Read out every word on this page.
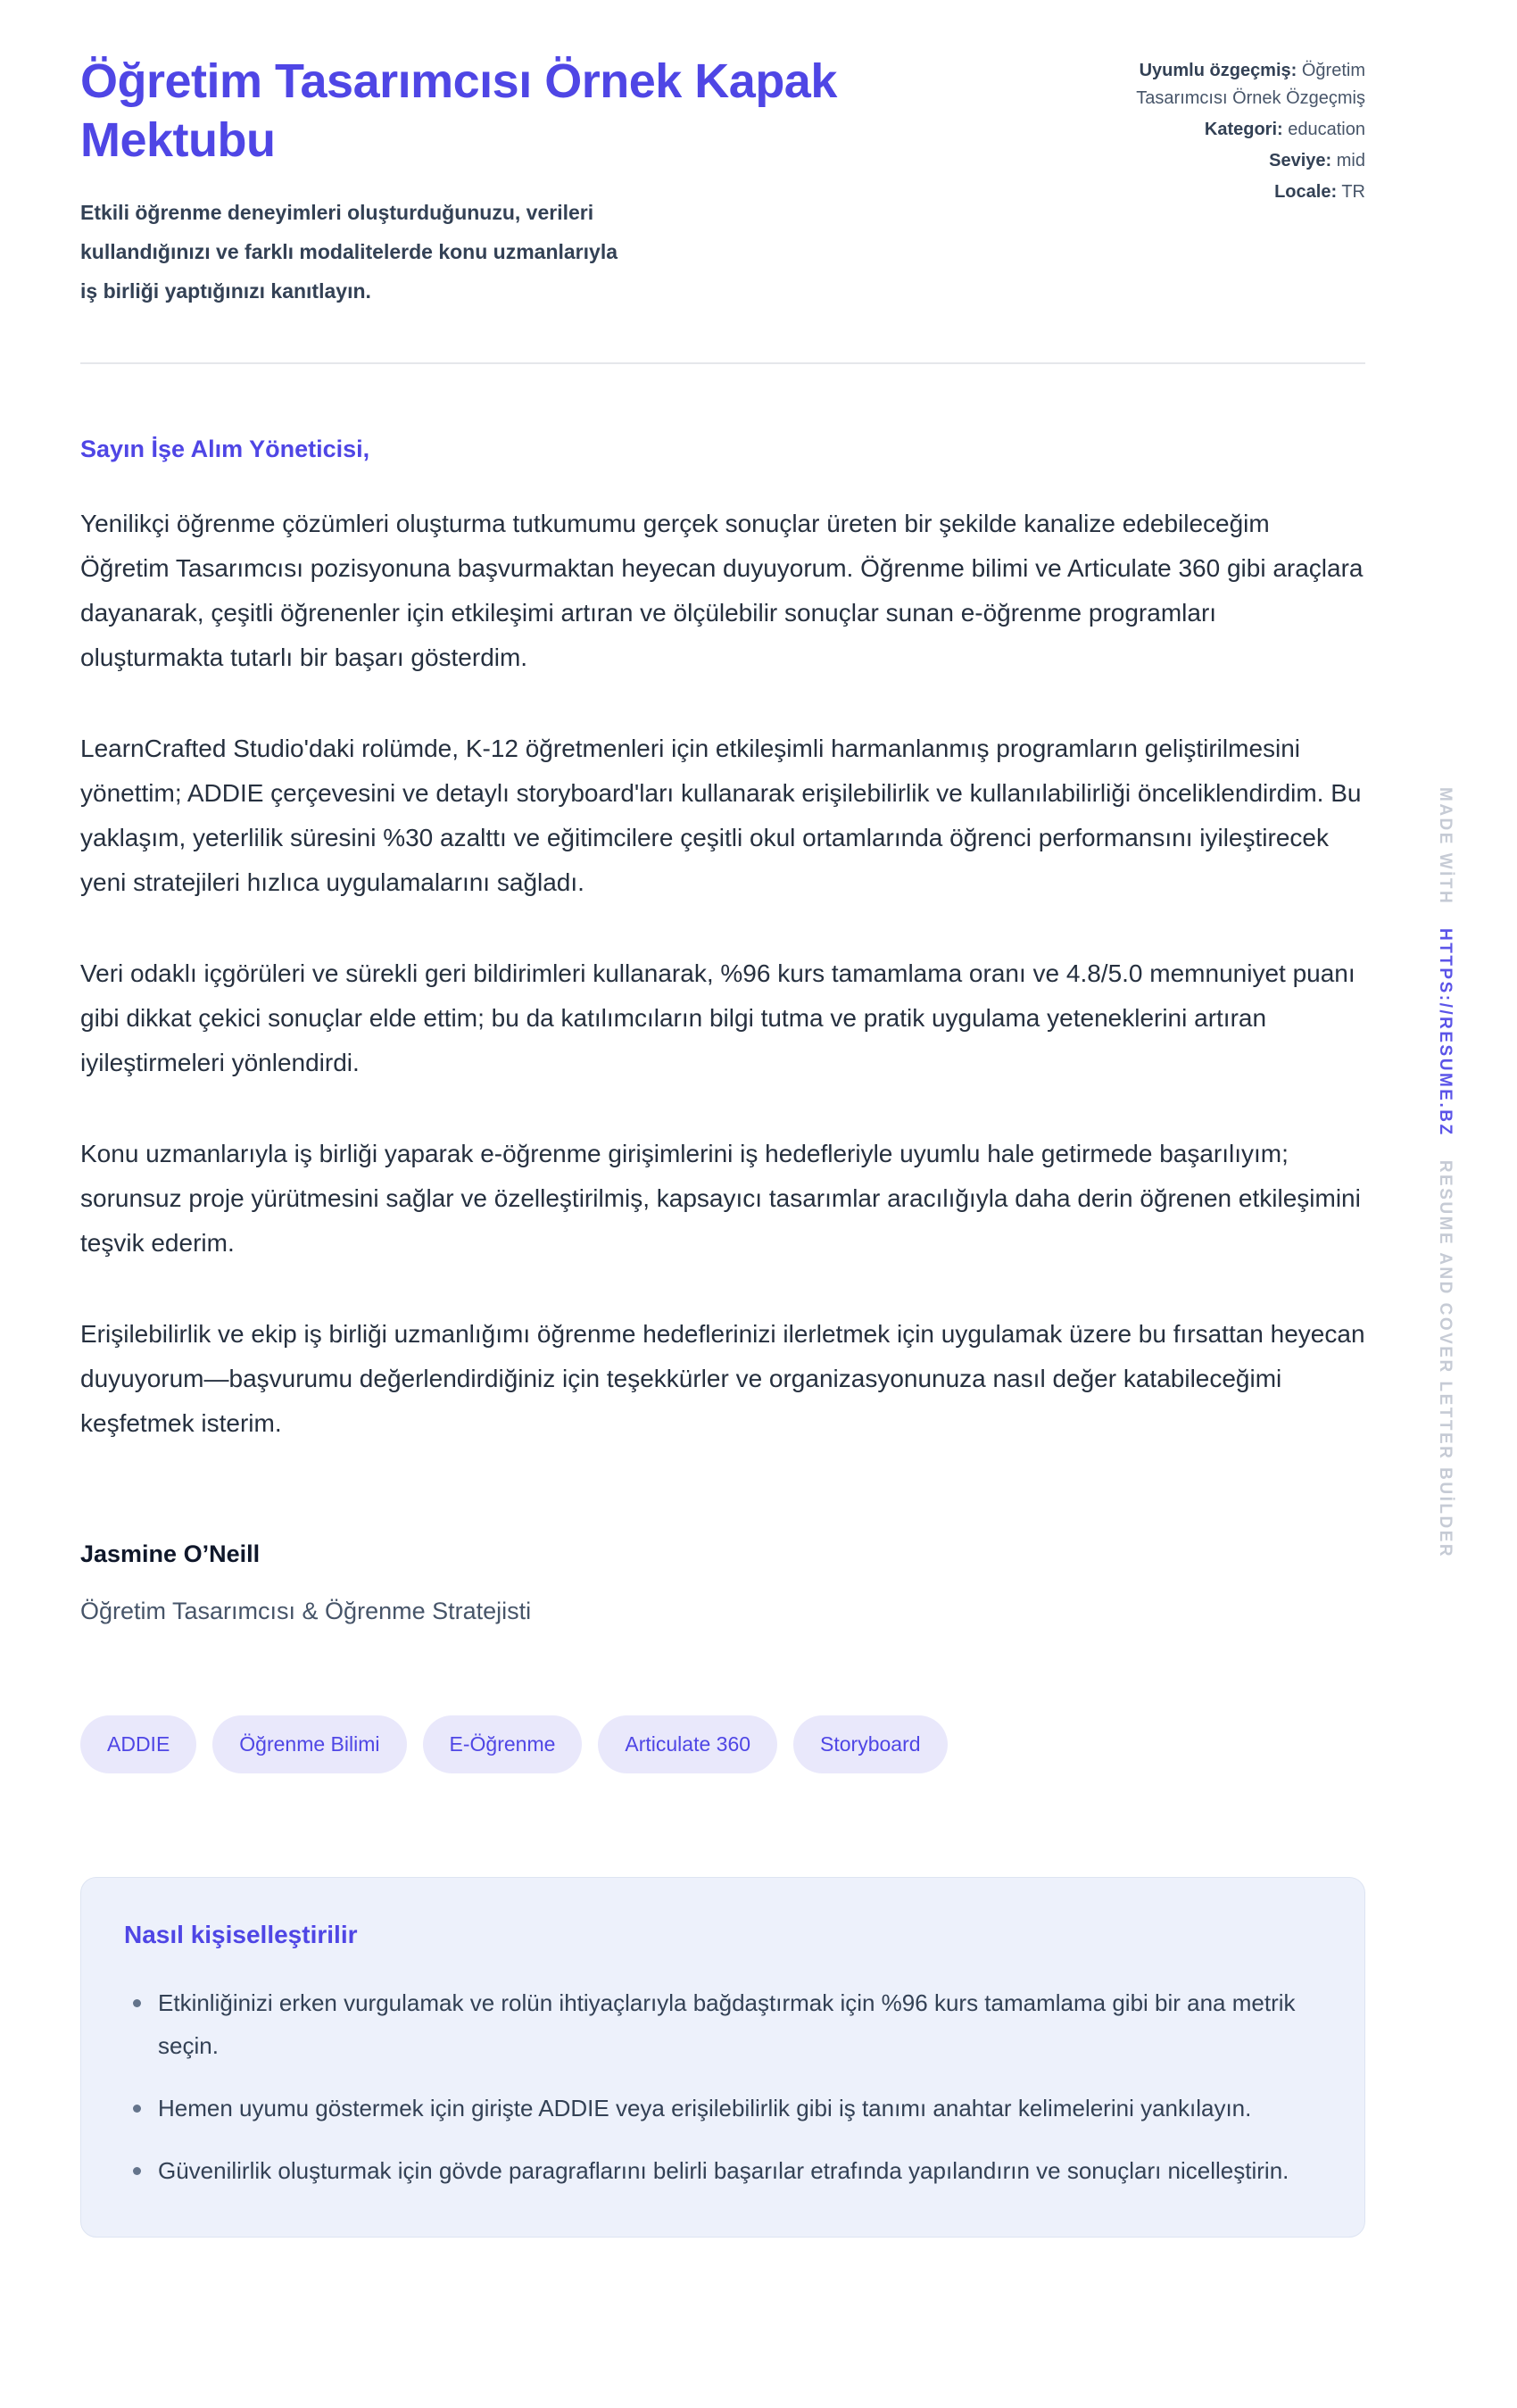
Öğretim Tasarımcısı Örnek Kapak Mektubu

Etkili öğrenme deneyimleri oluşturduğunuzu, verileri kullandığınızı ve farklı modalitelerde konu uzmanlarıyla iş birliği yaptığınızı kanıtlayın.

Uyumlu özgeçmiş: Öğretim Tasarımcısı Örnek Özgeçmiş
Kategori: education
Seviye: mid
Locale: TR

Sayın İşe Alım Yöneticisi,

Yenilikçi öğrenme çözümleri oluşturma tutkumumu gerçek sonuçlar üreten bir şekilde kanalize edebileceğim Öğretim Tasarımcısı pozisyonuna başvurmaktan heyecan duyuyorum. Öğrenme bilimi ve Articulate 360 gibi araçlara dayanarak, çeşitli öğrenenler için etkileşimi artıran ve ölçülebilir sonuçlar sunan e-öğrenme programları oluşturmakta tutarlı bir başarı gösterdim.

LearnCrafted Studio'daki rolümde, K-12 öğretmenleri için etkileşimli harmanlanmış programların geliştirilmesini yönettim; ADDIE çerçevesini ve detaylı storyboard'ları kullanarak erişilebilirlik ve kullanılabilirliği önceliklendirdim. Bu yaklaşım, yeterlilik süresini %30 azalttı ve eğitimcilere çeşitli okul ortamlarında öğrenci performansını iyileştirecek yeni stratejileri hızlıca uygulamalarını sağladı.

Veri odaklı içgörüleri ve sürekli geri bildirimleri kullanarak, %96 kurs tamamlama oranı ve 4.8/5.0 memnuniyet puanı gibi dikkat çekici sonuçlar elde ettim; bu da katılımcıların bilgi tutma ve pratik uygulama yeteneklerini artıran iyileştirmeleri yönlendirdi.

Konu uzmanlarıyla iş birliği yaparak e-öğrenme girişimlerini iş hedefleriyle uyumlu hale getirmede başarılıyım; sorunsuz proje yürütmesini sağlar ve özelleştirilmiş, kapsayıcı tasarımlar aracılığıyla daha derin öğrenen etkileşimini teşvik ederim.

Erişilebilirlik ve ekip iş birliği uzmanlığımı öğrenme hedeflerinizi ilerletmek için uygulamak üzere bu fırsattan heyecan duyuyorum—başvurumu değerlendirdiğiniz için teşekkürler ve organizasyonunuza nasıl değer katabileceğimi keşfetmek isterim.

Jasmine O’Neill

Öğretim Tasarımcısı & Öğrenme Stratejisti

ADDIE	Öğrenme Bilimi	E-Öğrenme	Articulate 360	Storyboard
Nasıl kişiselleştirilir
Etkinliğinizi erken vurgulamak ve rolün ihtiyaçlarıyla bağdaştırmak için %96 kurs tamamlama gibi bir ana metrik seçin.
Hemen uyumu göstermek için girişte ADDIE veya erişilebilirlik gibi iş tanımı anahtar kelimelerini yankılayın.
Güvenilirlik oluşturmak için gövde paragraflarını belirli başarılar etrafında yapılandırın ve sonuçları nicelleştirin.
MADE WİTHHTTPS://RESUME.BZRESUME AND COVER LETTER BUİLDER
